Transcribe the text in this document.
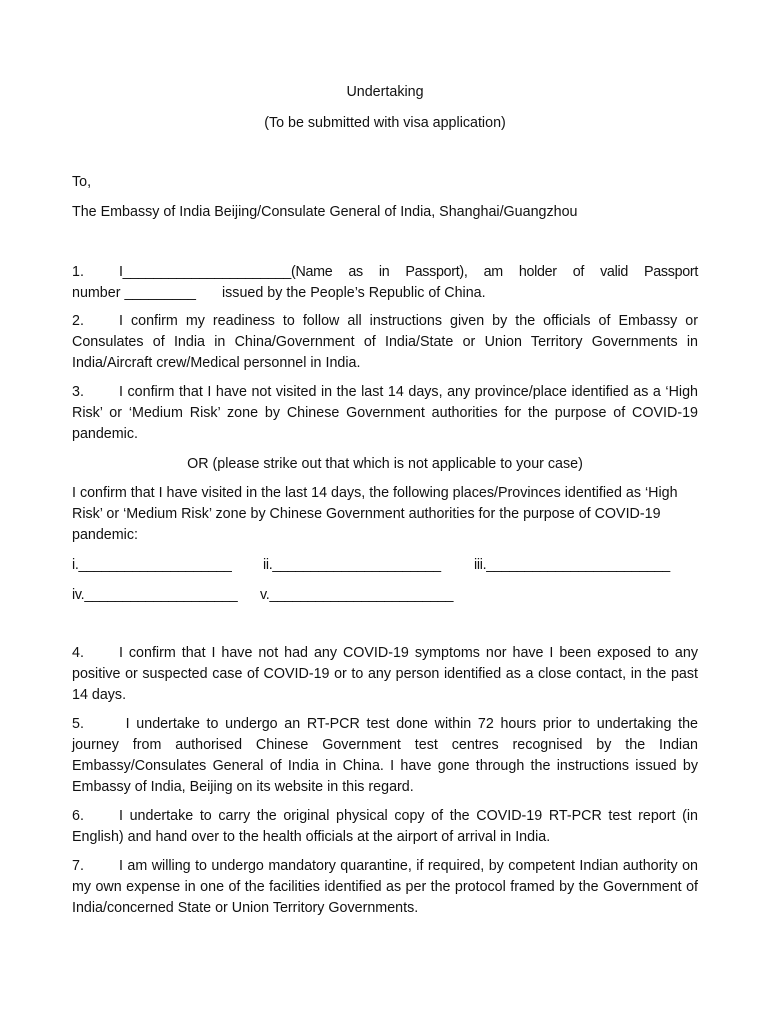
Undertaking

(To be submitted with visa application)

To,

The Embassy of India Beijing/Consulate General of India, Shanghai/Guangzhou

1. I______________________(Name as in Passport), am holder of valid Passport
number _________ issued by the People’s Republic of China.

2. I confirm my readiness to follow all instructions given by the officials of Embassy or Consulates of India in China/Government of India/State or Union Territory Governments in India/Aircraft crew/Medical personnel in India.

3. I confirm that I have not visited in the last 14 days, any province/place identified as a ‘High Risk’ or ‘Medium Risk’ zone by Chinese Government authorities for the purpose of COVID-19 pandemic.

OR (please strike out that which is not applicable to your case)

I confirm that I have visited in the last 14 days, the following places/Provinces identified as ‘High Risk’ or ‘Medium Risk’ zone by Chinese Government authorities for the purpose of COVID-19 pandemic:

i.____________________ ii.______________________ iii.________________________

iv.____________________ v.________________________

4. I confirm that I have not had any COVID-19 symptoms nor have I been exposed to any positive or suspected case of COVID-19 or to any person identified as a close contact, in the past 14 days.

5. I undertake to undergo an RT-PCR test done within 72 hours prior to undertaking the journey from authorised Chinese Government test centres recognised by the Indian Embassy/Consulates General of India in China. I have gone through the instructions issued by Embassy of India, Beijing on its website in this regard.

6. I undertake to carry the original physical copy of the COVID-19 RT-PCR test report (in English) and hand over to the health officials at the airport of arrival in India.

7. I am willing to undergo mandatory quarantine, if required, by competent Indian authority on my own expense in one of the facilities identified as per the protocol framed by the Government of India/concerned State or Union Territory Governments.
